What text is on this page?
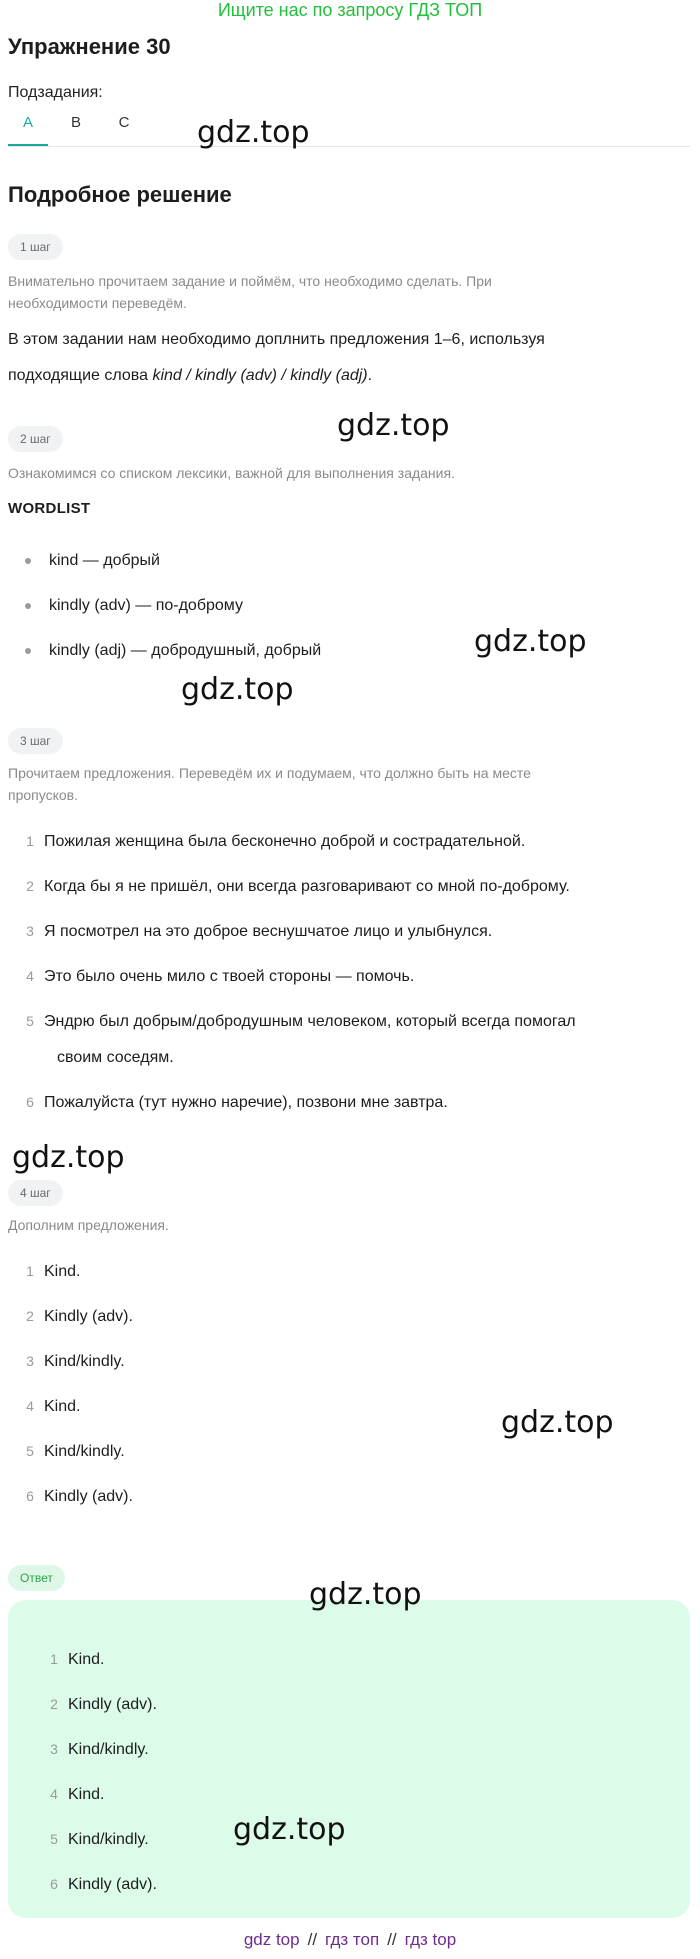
Ищите нас по запросу ГДЗ ТОП
Упражнение 30
Подзадания:
A	B	C
Подробное решение
1 шаг
Внимательно прочитаем задание и поймём, что необходимо сделать. При
необходимости переведём.
В этом задании нам необходимо доплнить предложения 1–6, используя
подходящие слова kind / kindly (adv) / kindly (adj).
2 шаг
Ознакомимся со списком лексики, важной для выполнения задания.
WORDLIST
kind — добрый
kindly (adv) — по-доброму
kindly (adj) — добродушный, добрый
3 шаг
Прочитаем предложения. Переведём их и подумаем, что должно быть на месте
пропусков.
1 Пожилая женщина была бесконечно доброй и сострадательной.
2 Когда бы я не пришёл, они всегда разговаривают со мной по-доброму.
3 Я посмотрел на это доброе веснушчатое лицо и улыбнулся.
4 Это было очень мило с твоей стороны — помочь.
5 Эндрю был добрым/добродушным человеком, который всегда помогал
своим соседям.
6 Пожалуйста (тут нужно наречие), позвони мне завтра.
4 шаг
Дополним предложения.
1 Kind.
2 Kindly (adv).
3 Kind/kindly.
4 Kind.
5 Kind/kindly.
6 Kindly (adv).
Ответ
1 Kind.
2 Kindly (adv).
3 Kind/kindly.
4 Kind.
5 Kind/kindly.
6 Kindly (adv).
gdz.top
gdz.top
gdz.top
gdz.top
gdz.top
gdz.top
gdz.top
gdz.top
gdz top // гдз топ // гдз top
